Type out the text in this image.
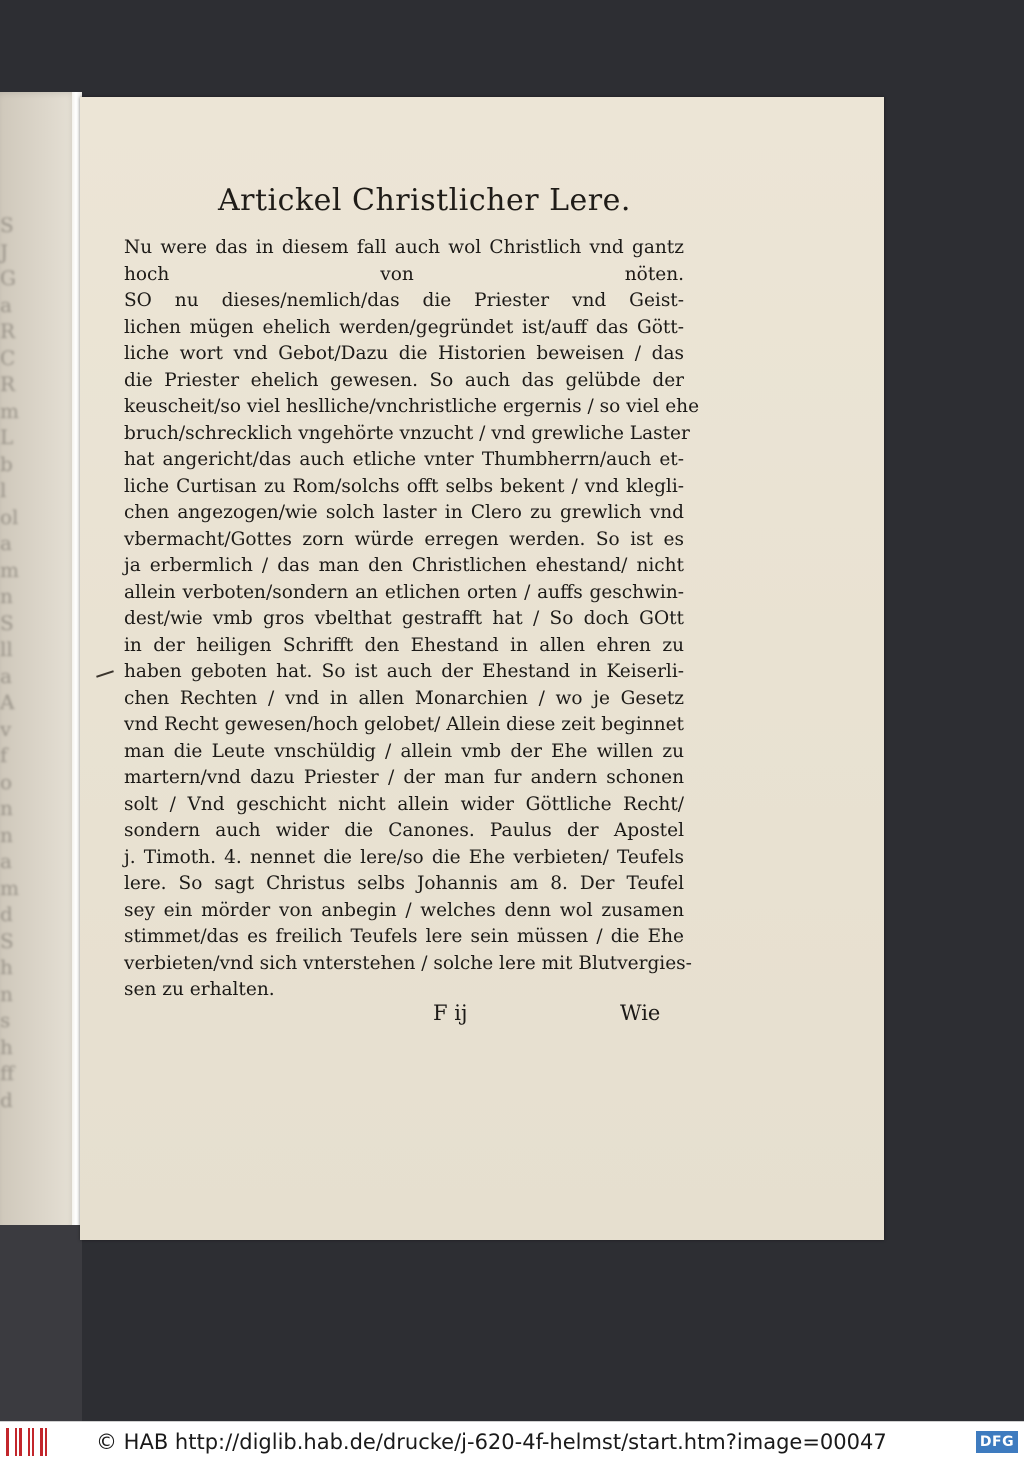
S
J
G
a
R
C
R
m
L
b
l
ol
a
m
n
S
ll
a
A
v
f
o
n
n
a
m
d
S
h
n
s
h
ff
d
Artickel Christlicher Lere.
Nu were das in diesem fall auch wol Christlich vnd gantz
hoch von nöten.
SO nu dieses/nemlich/das die Priester vnd Geist-
lichen mügen ehelich werden/gegründet ist/auff das Gött-
liche wort vnd Gebot/Dazu die Historien beweisen / das
die Priester ehelich gewesen. So auch das gelübde der
keuscheit/so viel heslliche/vnchristliche ergernis / so viel ehe
bruch/schrecklich vngehörte vnzucht / vnd grewliche Laster
hat angericht/das auch etliche vnter Thumbherrn/auch et-
liche Curtisan zu Rom/solchs offt selbs bekent / vnd klegli-
chen angezogen/wie solch laster in Clero zu grewlich vnd
vbermacht/Gottes zorn würde erregen werden. So ist es
ja erbermlich / das man den Christlichen ehestand/ nicht
allein verboten/sondern an etlichen orten / auffs geschwin-
dest/wie vmb gros vbelthat gestrafft hat / So doch GOtt
in der heiligen Schrifft den Ehestand in allen ehren zu
haben geboten hat. So ist auch der Ehestand in Keiserli-
chen Rechten / vnd in allen Monarchien / wo je Gesetz
vnd Recht gewesen/hoch gelobet/ Allein diese zeit beginnet
man die Leute vnschüldig / allein vmb der Ehe willen zu
martern/vnd dazu Priester / der man fur andern schonen
solt / Vnd geschicht nicht allein wider Göttliche Recht/
sondern auch wider die Canones. Paulus der Apostel
j. Timoth. 4. nennet die lere/so die Ehe verbieten/ Teufels
lere. So sagt Christus selbs Johannis am 8. Der Teufel
sey ein mörder von anbegin / welches denn wol zusamen
stimmet/das es freilich Teufels lere sein müssen / die Ehe
verbieten/vnd sich vnterstehen / solche lere mit Blutvergies-
sen zu erhalten.
F ij	Wie
© HAB http://diglib.hab.de/drucke/j-620-4f-helmst/start.htm?image=00047	DFG
